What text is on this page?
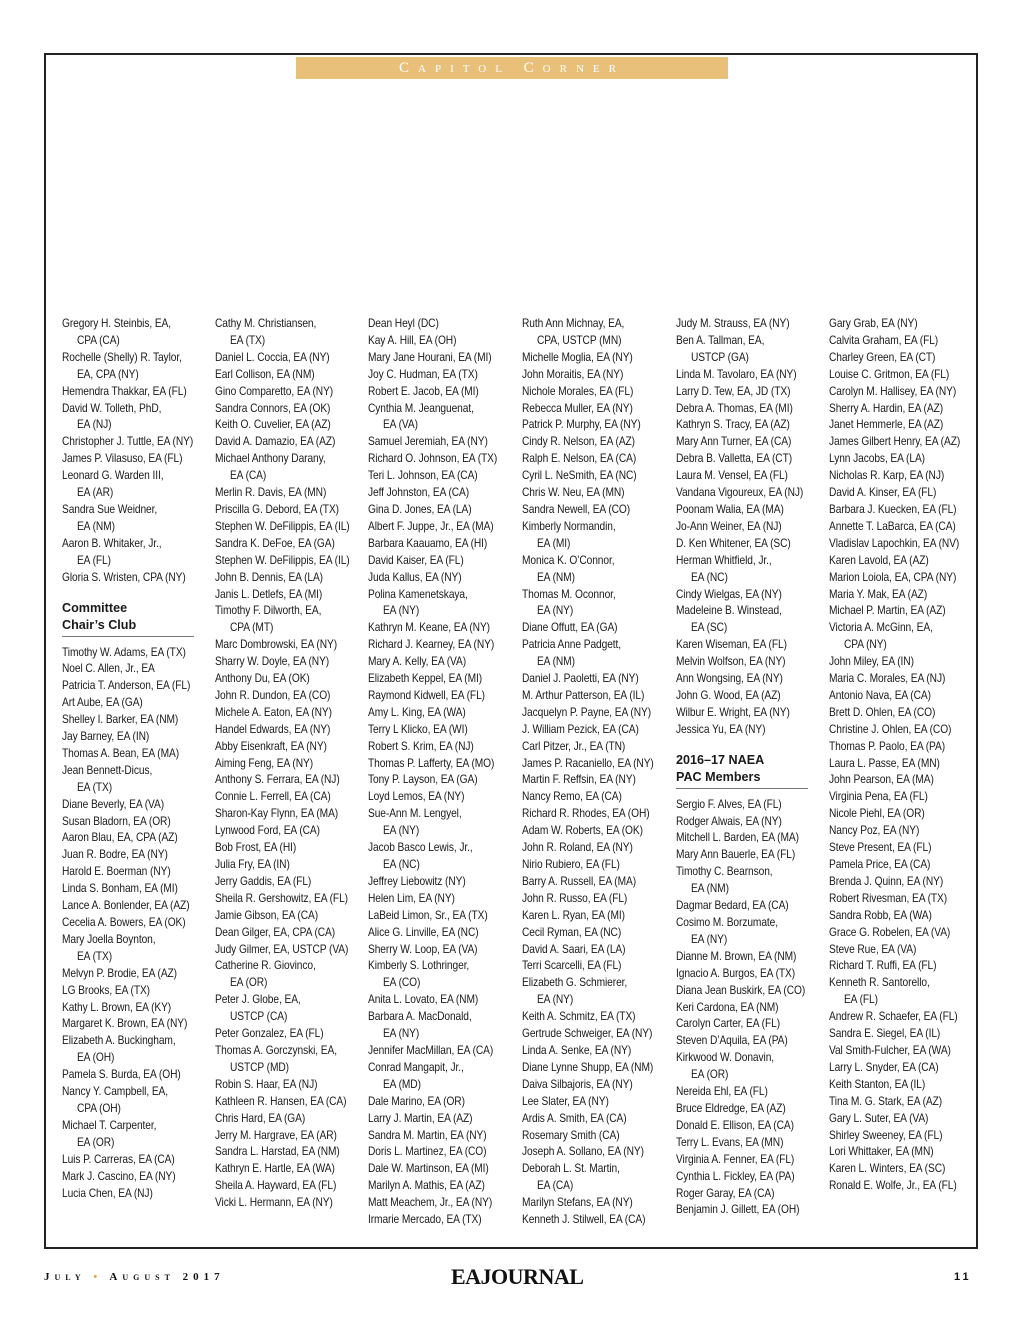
Capitol Corner
Gregory H. Steinbis, EA,
CPA (CA)
Rochelle (Shelly) R. Taylor,
EA, CPA (NY)
Hemendra Thakkar, EA (FL)
David W. Tolleth, PhD,
EA (NJ)
Christopher J. Tuttle, EA (NY)
James P. Vilasuso, EA (FL)
Leonard G. Warden III,
EA (AR)
Sandra Sue Weidner,
EA (NM)
Aaron B. Whitaker, Jr.,
EA (FL)
Gloria S. Wristen, CPA (NY)
Committee
Chair’s Club
Timothy W. Adams, EA (TX)
Noel C. Allen, Jr., EA
Patricia T. Anderson, EA (FL)
Art Aube, EA (GA)
Shelley I. Barker, EA (NM)
Jay Barney, EA (IN)
Thomas A. Bean, EA (MA)
Jean Bennett-Dicus,
EA (TX)
Diane Beverly, EA (VA)
Susan Bladorn, EA (OR)
Aaron Blau, EA, CPA (AZ)
Juan R. Bodre, EA (NY)
Harold E. Boerman (NY)
Linda S. Bonham, EA (MI)
Lance A. Bonlender, EA (AZ)
Cecelia A. Bowers, EA (OK)
Mary Joella Boynton,
EA (TX)
Melvyn P. Brodie, EA (AZ)
LG Brooks, EA (TX)
Kathy L. Brown, EA (KY)
Margaret K. Brown, EA (NY)
Elizabeth A. Buckingham,
EA (OH)
Pamela S. Burda, EA (OH)
Nancy Y. Campbell, EA,
CPA (OH)
Michael T. Carpenter,
EA (OR)
Luis P. Carreras, EA (CA)
Mark J. Cascino, EA (NY)
Lucia Chen, EA (NJ)
Cathy M. Christiansen,
EA (TX)
Daniel L. Coccia, EA (NY)
Earl Collison, EA (NM)
Gino Comparetto, EA (NY)
Sandra Connors, EA (OK)
Keith O. Cuvelier, EA (AZ)
David A. Damazio, EA (AZ)
Michael Anthony Darany,
EA (CA)
Merlin R. Davis, EA (MN)
Priscilla G. Debord, EA (TX)
Stephen W. DeFilippis, EA (IL)
Sandra K. DeFoe, EA (GA)
Stephen W. DeFilippis, EA (IL)
John B. Dennis, EA (LA)
Janis L. Detlefs, EA (MI)
Timothy F. Dilworth, EA,
CPA (MT)
Marc Dombrowski, EA (NY)
Sharry W. Doyle, EA (NY)
Anthony Du, EA (OK)
John R. Dundon, EA (CO)
Michele A. Eaton, EA (NY)
Handel Edwards, EA (NY)
Abby Eisenkraft, EA (NY)
Aiming Feng, EA (NY)
Anthony S. Ferrara, EA (NJ)
Connie L. Ferrell, EA (CA)
Sharon-Kay Flynn, EA (MA)
Lynwood Ford, EA (CA)
Bob Frost, EA (HI)
Julia Fry, EA (IN)
Jerry Gaddis, EA (FL)
Sheila R. Gershowitz, EA (FL)
Jamie Gibson, EA (CA)
Dean Gilger, EA, CPA (CA)
Judy Gilmer, EA, USTCP (VA)
Catherine R. Giovinco,
EA (OR)
Peter J. Globe, EA,
USTCP (CA)
Peter Gonzalez, EA (FL)
Thomas A. Gorczynski, EA,
USTCP (MD)
Robin S. Haar, EA (NJ)
Kathleen R. Hansen, EA (CA)
Chris Hard, EA (GA)
Jerry M. Hargrave, EA (AR)
Sandra L. Harstad, EA (NM)
Kathryn E. Hartle, EA (WA)
Sheila A. Hayward, EA (FL)
Vicki L. Hermann, EA (NY)
Dean Heyl (DC)
Kay A. Hill, EA (OH)
Mary Jane Hourani, EA (MI)
Joy C. Hudman, EA (TX)
Robert E. Jacob, EA (MI)
Cynthia M. Jeanguenat,
EA (VA)
Samuel Jeremiah, EA (NY)
Richard O. Johnson, EA (TX)
Teri L. Johnson, EA (CA)
Jeff Johnston, EA (CA)
Gina D. Jones, EA (LA)
Albert F. Juppe, Jr., EA (MA)
Barbara Kaauamo, EA (HI)
David Kaiser, EA (FL)
Juda Kallus, EA (NY)
Polina Kamenetskaya,
EA (NY)
Kathryn M. Keane, EA (NY)
Richard J. Kearney, EA (NY)
Mary A. Kelly, EA (VA)
Elizabeth Keppel, EA (MI)
Raymond Kidwell, EA (FL)
Amy L. King, EA (WA)
Terry L Klicko, EA (WI)
Robert S. Krim, EA (NJ)
Thomas P. Lafferty, EA (MO)
Tony P. Layson, EA (GA)
Loyd Lemos, EA (NY)
Sue-Ann M. Lengyel,
EA (NY)
Jacob Basco Lewis, Jr.,
EA (NC)
Jeffrey Liebowitz (NY)
Helen Lim, EA (NY)
LaBeid Limon, Sr., EA (TX)
Alice G. Linville, EA (NC)
Sherry W. Loop, EA (VA)
Kimberly S. Lothringer,
EA (CO)
Anita L. Lovato, EA (NM)
Barbara A. MacDonald,
EA (NY)
Jennifer MacMillan, EA (CA)
Conrad Mangapit, Jr.,
EA (MD)
Dale Marino, EA (OR)
Larry J. Martin, EA (AZ)
Sandra M. Martin, EA (NY)
Doris L. Martinez, EA (CO)
Dale W. Martinson, EA (MI)
Marilyn A. Mathis, EA (AZ)
Matt Meachem, Jr., EA (NY)
Irmarie Mercado, EA (TX)
Ruth Ann Michnay, EA,
CPA, USTCP (MN)
Michelle Moglia, EA (NY)
John Moraitis, EA (NY)
Nichole Morales, EA (FL)
Rebecca Muller, EA (NY)
Patrick P. Murphy, EA (NY)
Cindy R. Nelson, EA (AZ)
Ralph E. Nelson, EA (CA)
Cyril L. NeSmith, EA (NC)
Chris W. Neu, EA (MN)
Sandra Newell, EA (CO)
Kimberly Normandin,
EA (MI)
Monica K. O’Connor,
EA (NM)
Thomas M. Oconnor,
EA (NY)
Diane Offutt, EA (GA)
Patricia Anne Padgett,
EA (NM)
Daniel J. Paoletti, EA (NY)
M. Arthur Patterson, EA (IL)
Jacquelyn P. Payne, EA (NY)
J. William Pezick, EA (CA)
Carl Pitzer, Jr., EA (TN)
James P. Racaniello, EA (NY)
Martin F. Reffsin, EA (NY)
Nancy Remo, EA (CA)
Richard R. Rhodes, EA (OH)
Adam W. Roberts, EA (OK)
John R. Roland, EA (NY)
Nirio Rubiero, EA (FL)
Barry A. Russell, EA (MA)
John R. Russo, EA (FL)
Karen L. Ryan, EA (MI)
Cecil Ryman, EA (NC)
David A. Saari, EA (LA)
Terri Scarcelli, EA (FL)
Elizabeth G. Schmierer,
EA (NY)
Keith A. Schmitz, EA (TX)
Gertrude Schweiger, EA (NY)
Linda A. Senke, EA (NY)
Diane Lynne Shupp, EA (NM)
Daiva Silbajoris, EA (NY)
Lee Slater, EA (NY)
Ardis A. Smith, EA (CA)
Rosemary Smith (CA)
Joseph A. Sollano, EA (NY)
Deborah L. St. Martin,
EA (CA)
Marilyn Stefans, EA (NY)
Kenneth J. Stilwell, EA (CA)
Judy M. Strauss, EA (NY)
Ben A. Tallman, EA,
USTCP (GA)
Linda M. Tavolaro, EA (NY)
Larry D. Tew, EA, JD (TX)
Debra A. Thomas, EA (MI)
Kathryn S. Tracy, EA (AZ)
Mary Ann Turner, EA (CA)
Debra B. Valletta, EA (CT)
Laura M. Vensel, EA (FL)
Vandana Vigoureux, EA (NJ)
Poonam Walia, EA (MA)
Jo-Ann Weiner, EA (NJ)
D. Ken Whitener, EA (SC)
Herman Whitfield, Jr.,
EA (NC)
Cindy Wielgas, EA (NY)
Madeleine B. Winstead,
EA (SC)
Karen Wiseman, EA (FL)
Melvin Wolfson, EA (NY)
Ann Wongsing, EA (NY)
John G. Wood, EA (AZ)
Wilbur E. Wright, EA (NY)
Jessica Yu, EA (NY)
2016–17 NAEA
PAC Members
Sergio F. Alves, EA (FL)
Rodger Alwais, EA (NY)
Mitchell L. Barden, EA (MA)
Mary Ann Bauerle, EA (FL)
Timothy C. Bearnson,
EA (NM)
Dagmar Bedard, EA (CA)
Cosimo M. Borzumate,
EA (NY)
Dianne M. Brown, EA (NM)
Ignacio A. Burgos, EA (TX)
Diana Jean Buskirk, EA (CO)
Keri Cardona, EA (NM)
Carolyn Carter, EA (FL)
Steven D’Aquila, EA (PA)
Kirkwood W. Donavin,
EA (OR)
Nereida Ehl, EA (FL)
Bruce Eldredge, EA (AZ)
Donald E. Ellison, EA (CA)
Terry L. Evans, EA (MN)
Virginia A. Fenner, EA (FL)
Cynthia L. Fickley, EA (PA)
Roger Garay, EA (CA)
Benjamin J. Gillett, EA (OH)
Gary Grab, EA (NY)
Calvita Graham, EA (FL)
Charley Green, EA (CT)
Louise C. Gritmon, EA (FL)
Carolyn M. Hallisey, EA (NY)
Sherry A. Hardin, EA (AZ)
Janet Hemmerle, EA (AZ)
James Gilbert Henry, EA (AZ)
Lynn Jacobs, EA (LA)
Nicholas R. Karp, EA (NJ)
David A. Kinser, EA (FL)
Barbara J. Kuecken, EA (FL)
Annette T. LaBarca, EA (CA)
Vladislav Lapochkin, EA (NV)
Karen Lavold, EA (AZ)
Marion Loiola, EA, CPA (NY)
Maria Y. Mak, EA (AZ)
Michael P. Martin, EA (AZ)
Victoria A. McGinn, EA,
CPA (NY)
John Miley, EA (IN)
Maria C. Morales, EA (NJ)
Antonio Nava, EA (CA)
Brett D. Ohlen, EA (CO)
Christine J. Ohlen, EA (CO)
Thomas P. Paolo, EA (PA)
Laura L. Passe, EA (MN)
John Pearson, EA (MA)
Virginia Pena, EA (FL)
Nicole Piehl, EA (OR)
Nancy Poz, EA (NY)
Steve Present, EA (FL)
Pamela Price, EA (CA)
Brenda J. Quinn, EA (NY)
Robert Rivesman, EA (TX)
Sandra Robb, EA (WA)
Grace G. Robelen, EA (VA)
Steve Rue, EA (VA)
Richard T. Ruffi, EA (FL)
Kenneth R. Santorello,
EA (FL)
Andrew R. Schaefer, EA (FL)
Sandra E. Siegel, EA (IL)
Val Smith-Fulcher, EA (WA)
Larry L. Snyder, EA (CA)
Keith Stanton, EA (IL)
Tina M. G. Stark, EA (AZ)
Gary L. Suter, EA (VA)
Shirley Sweeney, EA (FL)
Lori Whittaker, EA (MN)
Karen L. Winters, EA (SC)
Ronald E. Wolfe, Jr., EA (FL)
July • August 2017	EAJOURNAL	11
